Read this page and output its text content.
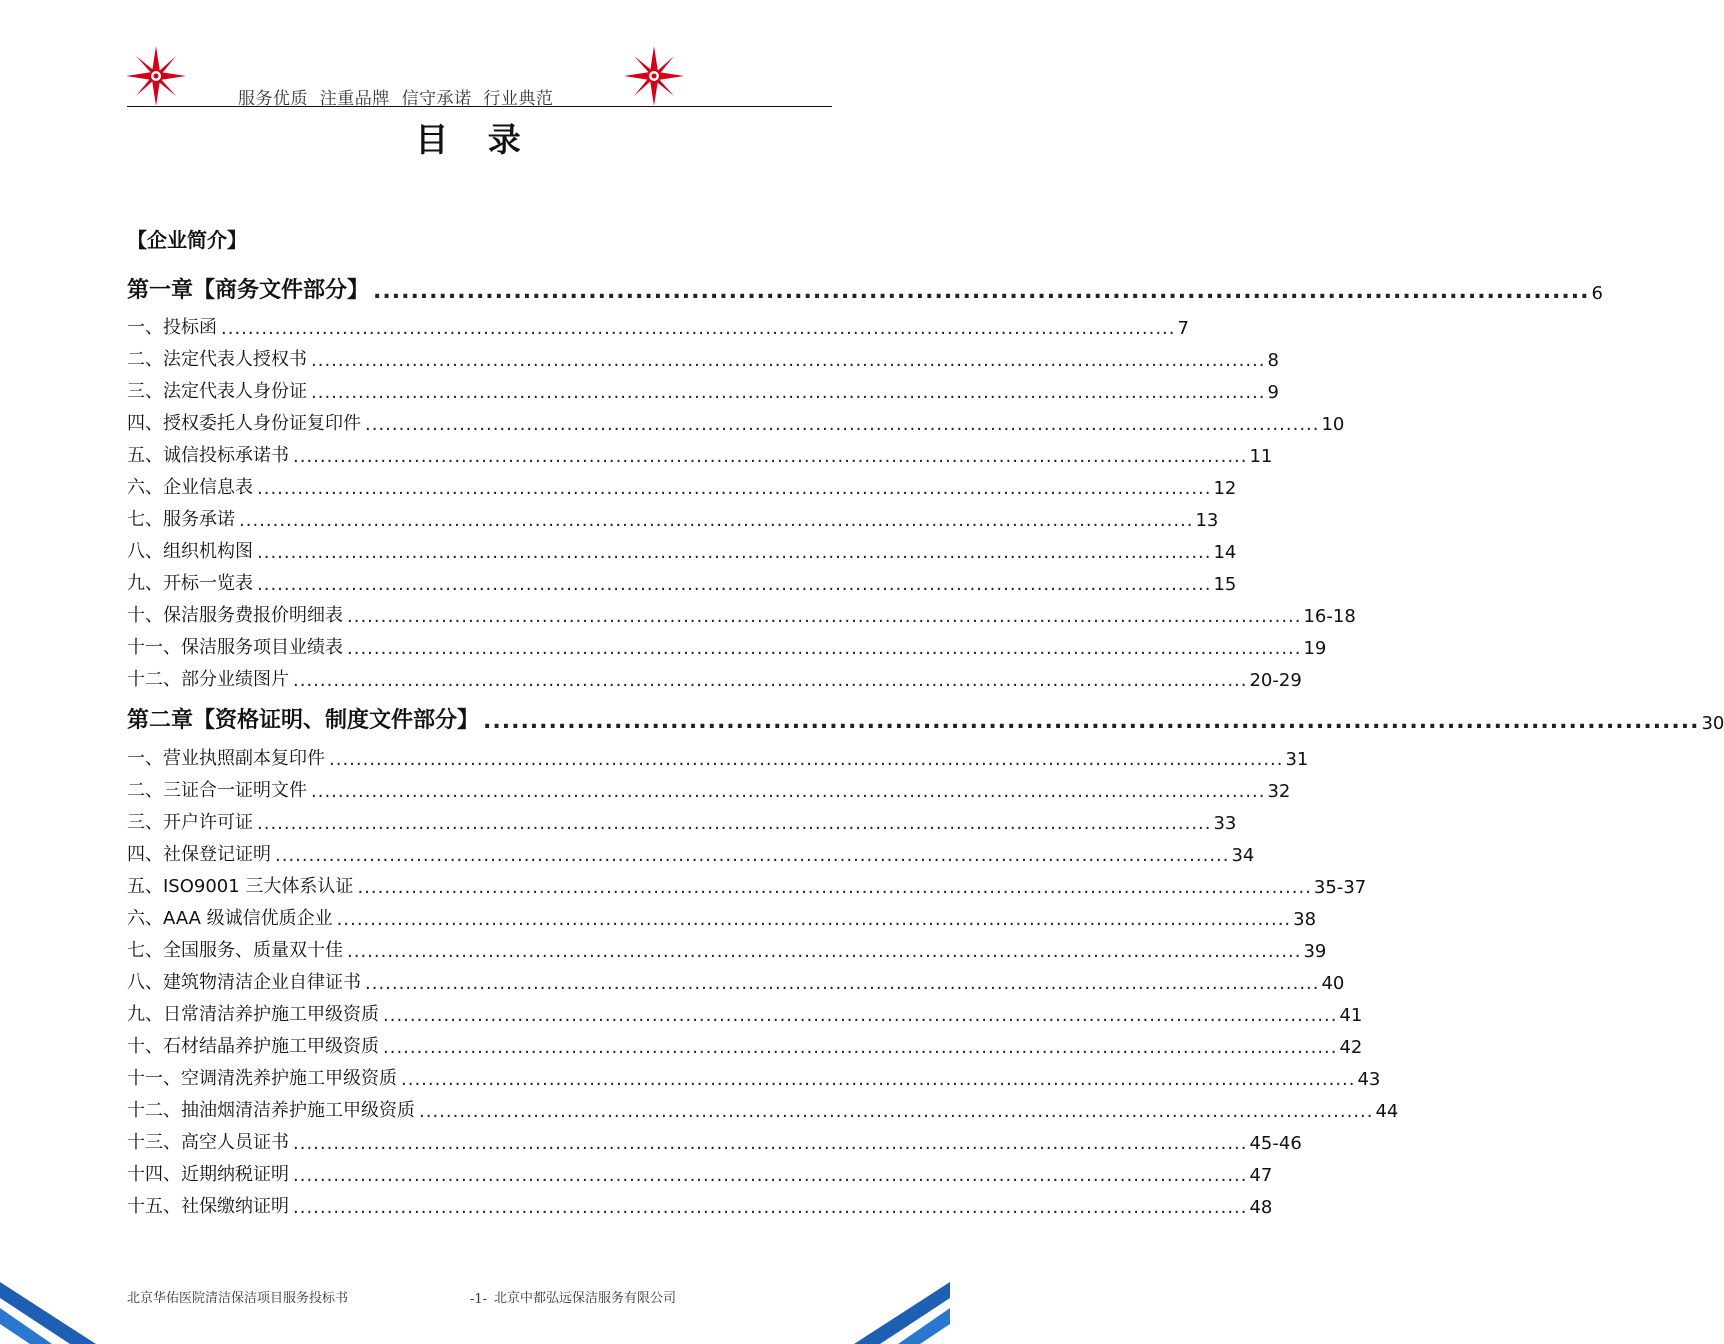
服务优质  注重品牌  信守承诺  行业典范
目 录
【企业简介】
第一章【商务文件部分】 .................................................................................................................................. 6
一、投标函 .............................................................................................................................................. 7
二、法定代表人授权书 .............................................................................................................................................. 8
三、法定代表人身份证 .............................................................................................................................................. 9
四、授权委托人身份证复印件 .............................................................................................................................................. 10
五、诚信投标承诺书 .............................................................................................................................................. 11
六、企业信息表 .............................................................................................................................................. 12
七、服务承诺 .............................................................................................................................................. 13
八、组织机构图 .............................................................................................................................................. 14
九、开标一览表 .............................................................................................................................................. 15
十、保洁服务费报价明细表 .............................................................................................................................................. 16-18
十一、保洁服务项目业绩表 .............................................................................................................................................. 19
十二、部分业绩图片 .............................................................................................................................................. 20-29
第二章【资格证明、制度文件部分】 .................................................................................................................................. 30
一、营业执照副本复印件 .............................................................................................................................................. 31
二、三证合一证明文件 .............................................................................................................................................. 32
三、开户许可证 .............................................................................................................................................. 33
四、社保登记证明 .............................................................................................................................................. 34
五、ISO9001 三大体系认证 .............................................................................................................................................. 35-37
六、AAA 级诚信优质企业 .............................................................................................................................................. 38
七、全国服务、质量双十佳 .............................................................................................................................................. 39
八、建筑物清洁企业自律证书 .............................................................................................................................................. 40
九、日常清洁养护施工甲级资质 .............................................................................................................................................. 41
十、石材结晶养护施工甲级资质 .............................................................................................................................................. 42
十一、空调清洗养护施工甲级资质 .............................................................................................................................................. 43
十二、抽油烟清洁养护施工甲级资质 .............................................................................................................................................. 44
十三、高空人员证书 .............................................................................................................................................. 45-46
十四、近期纳税证明 .............................................................................................................................................. 47
十五、社保缴纳证明 .............................................................................................................................................. 48
北京华佑医院清洁保洁项目服务投标书	-1- 北京中都弘远保洁服务有限公司
